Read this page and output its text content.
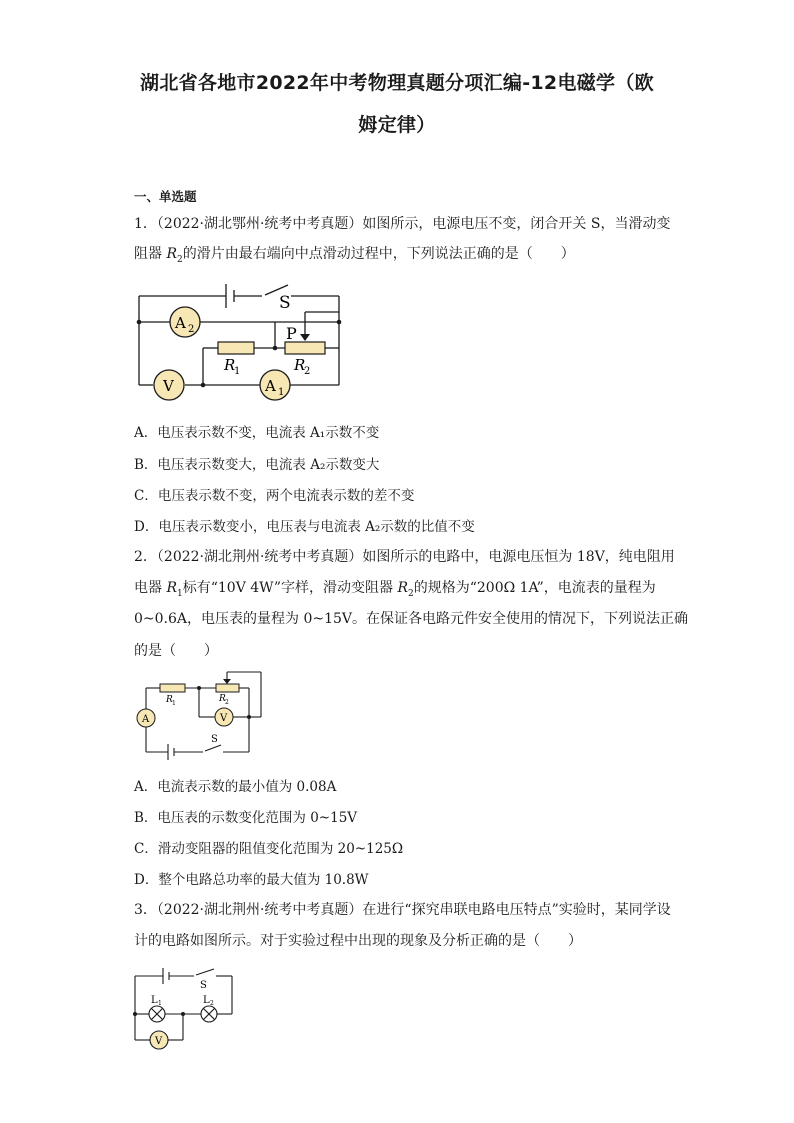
湖北省各地市2022年中考物理真题分项汇编-12电磁学（欧
姆定律）
一、单选题
1．（2022·湖北鄂州·统考中考真题）如图所示，电源电压不变，闭合开关 S，当滑动变
阻器 $R_2$的滑片由最右端向中点滑动过程中，下列说法正确的是（　　）
S
P
A 2
V	A 1
R
1	R
2
A．电压表示数不变，电流表 A₁示数不变
B．电压表示数变大，电流表 A₂示数变大
C．电压表示数不变，两个电流表示数的差不变
D．电压表示数变小，电压表与电流表 A₂示数的比值不变
2．（2022·湖北荆州·统考中考真题）如图所示的电路中，电源电压恒为 18V，纯电阻用
电器 $R_1$标有“10V 4W”字样，滑动变阻器 $R_2$的规格为“200Ω 1A”，电流表的量程为
0~0.6A，电压表的量程为 0~15V。在保证各电路元件安全使用的情况下，下列说法正确
的是（　　）
A	V
R 1	R 2
S
A．电流表示数的最小值为 0.08A
B．电压表的示数变化范围为 0~15V
C．滑动变阻器的阻值变化范围为 20~125Ω
D．整个电路总功率的最大值为 10.8W
3．（2022·湖北荆州·统考中考真题）在进行“探究串联电路电压特点”实验时，某同学设
计的电路如图所示。对于实验过程中出现的现象及分析正确的是（　　）
V
S
L 1	L 2
